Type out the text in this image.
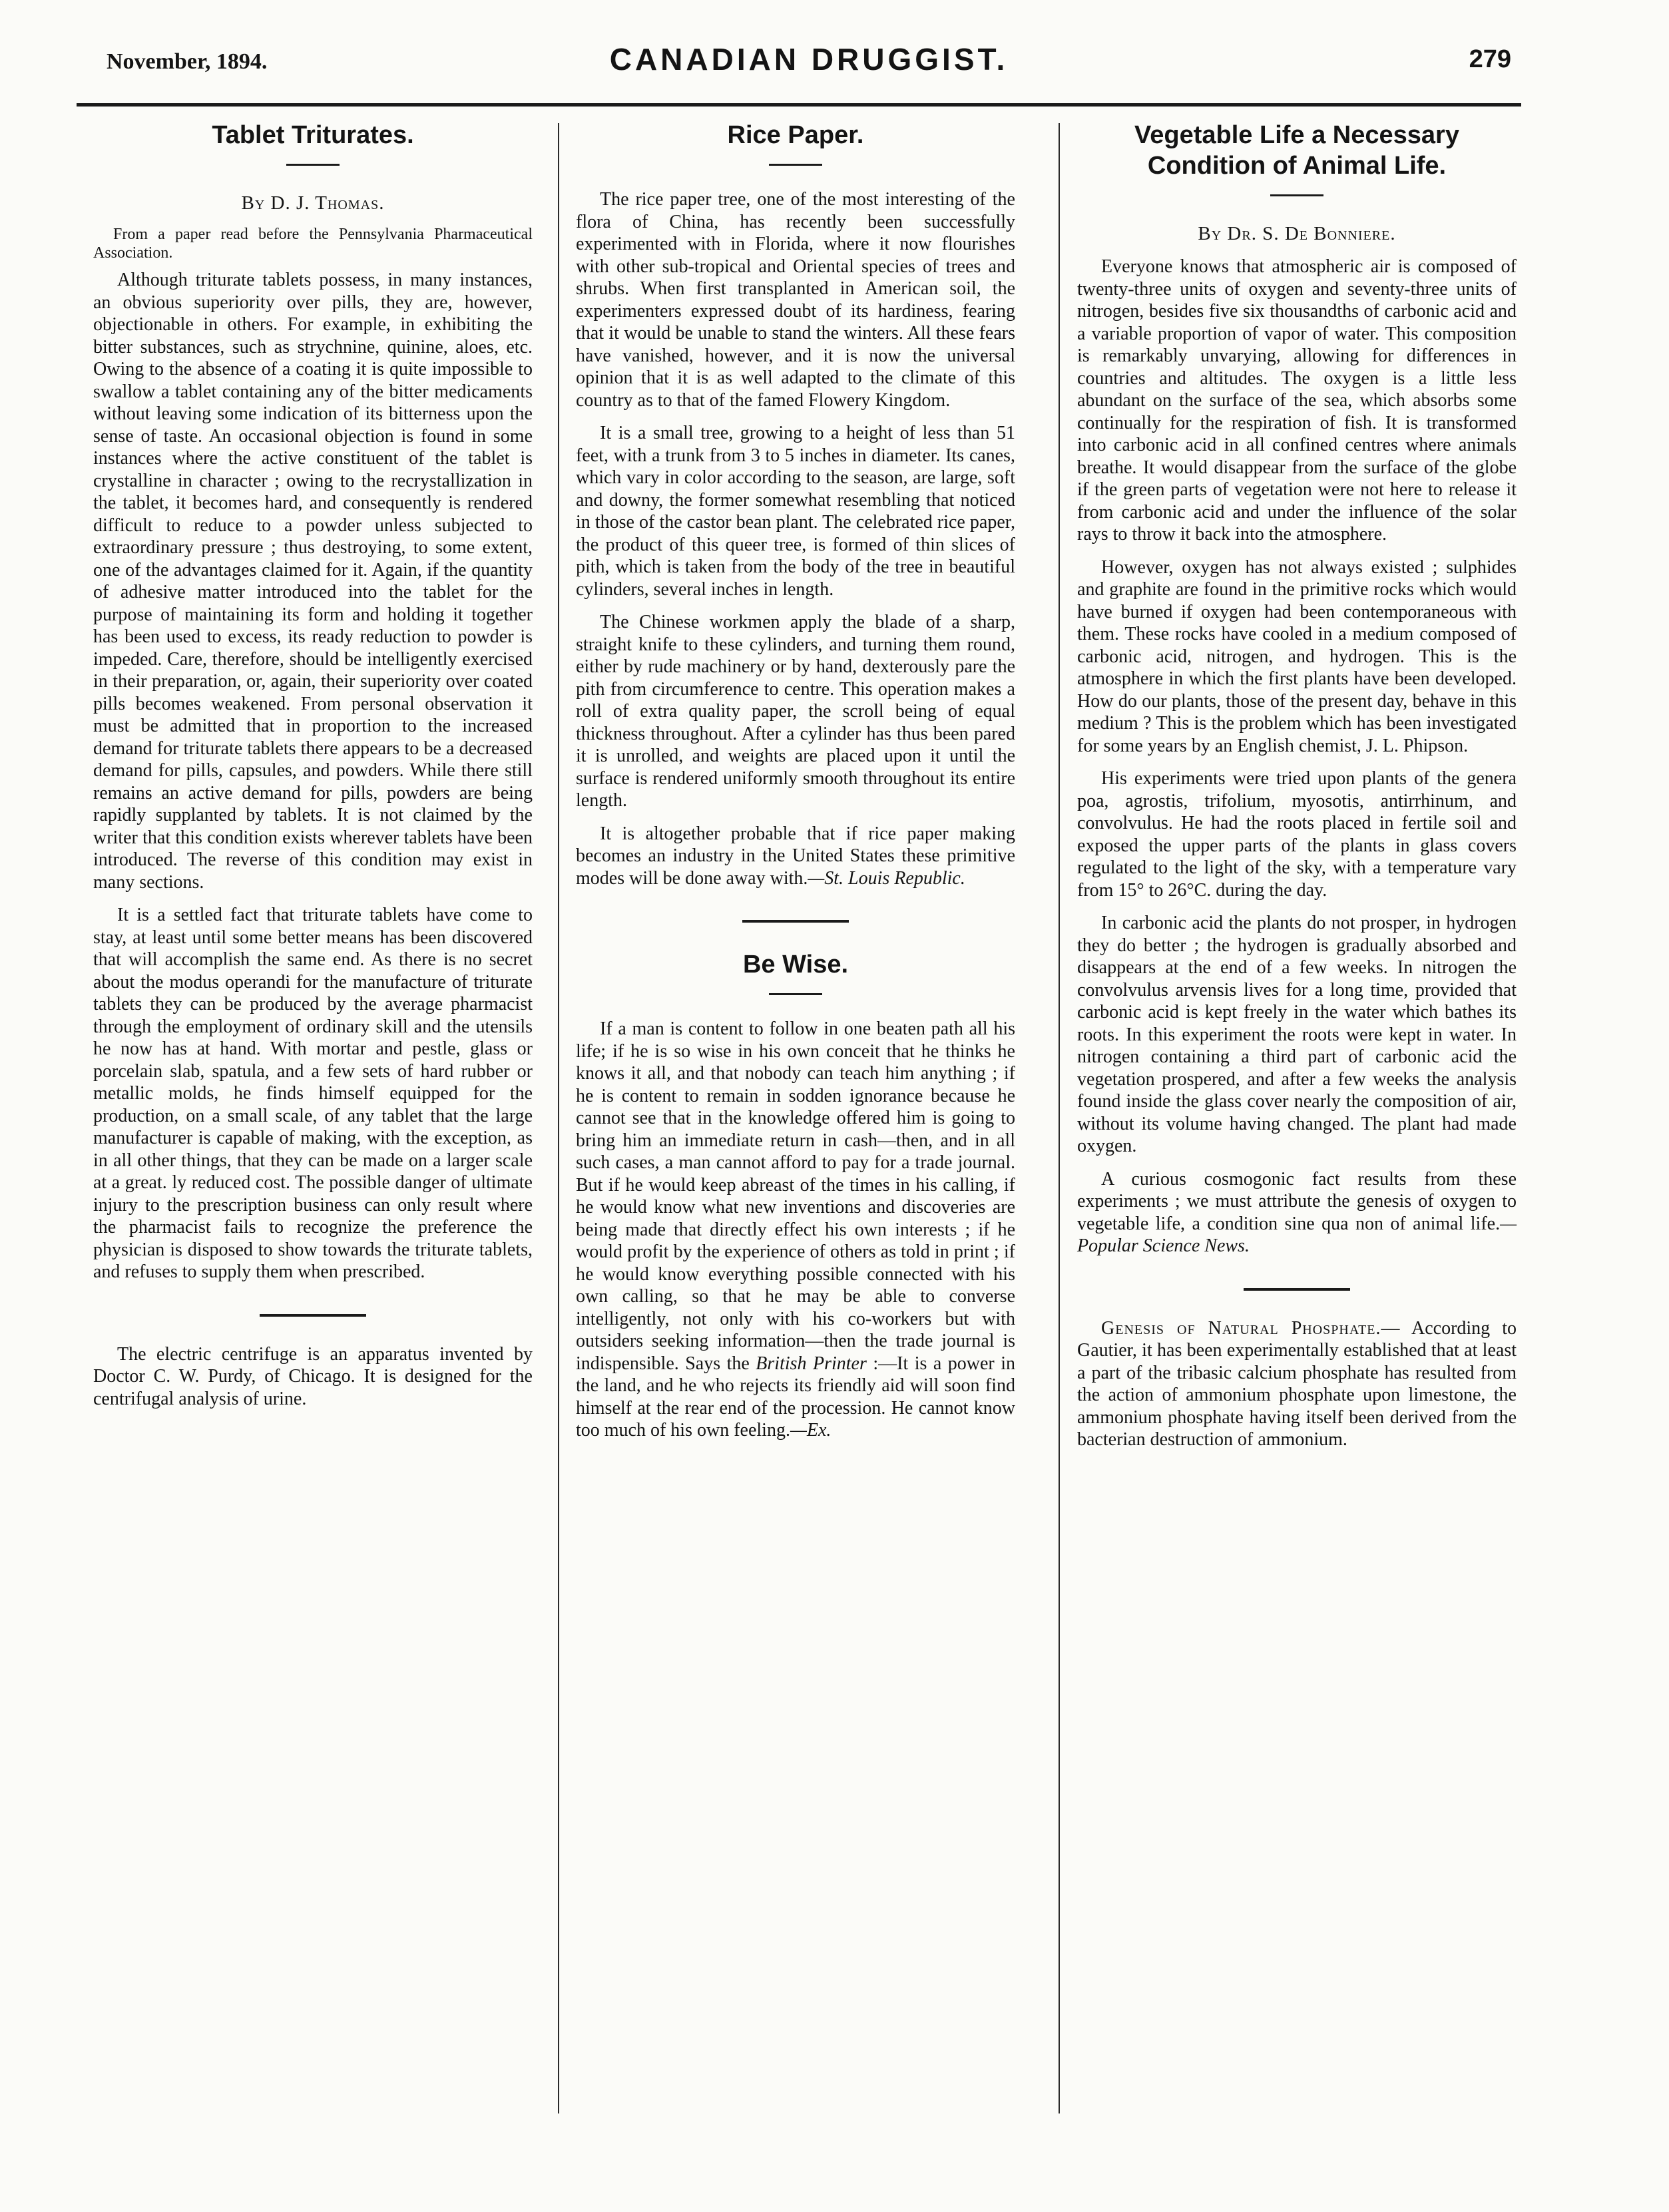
November, 1894.	CANADIAN DRUGGIST.	279
Tablet Triturates.
By D. J. Thomas.
From a paper read before the Pennsylvania Pharmaceutical Association.

Although triturate tablets possess, in many instances, an obvious superiority over pills, they are, however, objectionable in others. For example, in exhibiting the bitter substances, such as strychnine, quinine, aloes, etc. Owing to the absence of a coating it is quite impossible to swallow a tablet containing any of the bitter medicaments without leaving some indication of its bitterness upon the sense of taste. An occasional objection is found in some instances where the active constituent of the tablet is crystalline in character ; owing to the recrystallization in the tablet, it becomes hard, and consequently is rendered difficult to reduce to a powder unless subjected to extraordinary pressure ; thus destroying, to some extent, one of the advantages claimed for it. Again, if the quantity of adhesive matter introduced into the tablet for the purpose of maintaining its form and holding it together has been used to excess, its ready reduction to powder is impeded. Care, therefore, should be intelligently exercised in their preparation, or, again, their superiority over coated pills becomes weakened. From personal observation it must be admitted that in proportion to the increased demand for triturate tablets there appears to be a decreased demand for pills, capsules, and powders. While there still remains an active demand for pills, powders are being rapidly supplanted by tablets. It is not claimed by the writer that this condition exists wherever tablets have been introduced. The reverse of this condition may exist in many sections.

It is a settled fact that triturate tablets have come to stay, at least until some better means has been discovered that will accomplish the same end. As there is no secret about the modus operandi for the manufacture of triturate tablets they can be produced by the average pharmacist through the employment of ordinary skill and the utensils he now has at hand. With mortar and pestle, glass or porcelain slab, spatula, and a few sets of hard rubber or metallic molds, he finds himself equipped for the production, on a small scale, of any tablet that the large manufacturer is capable of making, with the exception, as in all other things, that they can be made on a larger scale at a great. ly reduced cost. The possible danger of ultimate injury to the prescription business can only result where the pharmacist fails to recognize the preference the physician is disposed to show towards the triturate tablets, and refuses to supply them when prescribed.

The electric centrifuge is an apparatus invented by Doctor C. W. Purdy, of Chicago. It is designed for the centrifugal analysis of urine.

Rice Paper.

The rice paper tree, one of the most interesting of the flora of China, has recently been successfully experimented with in Florida, where it now flourishes with other sub-tropical and Oriental species of trees and shrubs. When first transplanted in American soil, the experimenters expressed doubt of its hardiness, fearing that it would be unable to stand the winters. All these fears have vanished, however, and it is now the universal opinion that it is as well adapted to the climate of this country as to that of the famed Flowery Kingdom.

It is a small tree, growing to a height of less than 51 feet, with a trunk from 3 to 5 inches in diameter. Its canes, which vary in color according to the season, are large, soft and downy, the former somewhat resembling that noticed in those of the castor bean plant. The celebrated rice paper, the product of this queer tree, is formed of thin slices of pith, which is taken from the body of the tree in beautiful cylinders, several inches in length.

The Chinese workmen apply the blade of a sharp, straight knife to these cylinders, and turning them round, either by rude machinery or by hand, dexterously pare the pith from circumference to centre. This operation makes a roll of extra quality paper, the scroll being of equal thickness throughout. After a cylinder has thus been pared it is unrolled, and weights are placed upon it until the surface is rendered uniformly smooth throughout its entire length.

It is altogether probable that if rice paper making becomes an industry in the United States these primitive modes will be done away with.—St. Louis Republic.

Be Wise.

If a man is content to follow in one beaten path all his life; if he is so wise in his own conceit that he thinks he knows it all, and that nobody can teach him anything ; if he is content to remain in sodden ignorance because he cannot see that in the knowledge offered him is going to bring him an immediate return in cash—then, and in all such cases, a man cannot afford to pay for a trade journal. But if he would keep abreast of the times in his calling, if he would know what new inventions and discoveries are being made that directly effect his own interests ; if he would profit by the experience of others as told in print ; if he would know everything possible connected with his own calling, so that he may be able to converse intelligently, not only with his co-workers but with outsiders seeking information—then the trade journal is indispensible. Says the British Printer :—It is a power in the land, and he who rejects its friendly aid will soon find himself at the rear end of the procession. He cannot know too much of his own feeling.—Ex.

Vegetable Life a Necessary Condition of Animal Life.
By Dr. S. De Bonniere.

Everyone knows that atmospheric air is composed of twenty-three units of oxygen and seventy-three units of nitrogen, besides five six thousandths of carbonic acid and a variable proportion of vapor of water. This composition is remarkably unvarying, allowing for differences in countries and altitudes. The oxygen is a little less abundant on the surface of the sea, which absorbs some continually for the respiration of fish. It is transformed into carbonic acid in all confined centres where animals breathe. It would disappear from the surface of the globe if the green parts of vegetation were not here to release it from carbonic acid and under the influence of the solar rays to throw it back into the atmosphere.

However, oxygen has not always existed ; sulphides and graphite are found in the primitive rocks which would have burned if oxygen had been contemporaneous with them. These rocks have cooled in a medium composed of carbonic acid, nitrogen, and hydrogen. This is the atmosphere in which the first plants have been developed. How do our plants, those of the present day, behave in this medium ? This is the problem which has been investigated for some years by an English chemist, J. L. Phipson.

His experiments were tried upon plants of the genera poa, agrostis, trifolium, myosotis, antirrhinum, and convolvulus. He had the roots placed in fertile soil and exposed the upper parts of the plants in glass covers regulated to the light of the sky, with a temperature vary from 15° to 26°C. during the day.

In carbonic acid the plants do not prosper, in hydrogen they do better ; the hydrogen is gradually absorbed and disappears at the end of a few weeks. In nitrogen the convolvulus arvensis lives for a long time, provided that carbonic acid is kept freely in the water which bathes its roots. In this experiment the roots were kept in water. In nitrogen containing a third part of carbonic acid the vegetation prospered, and after a few weeks the analysis found inside the glass cover nearly the composition of air, without its volume having changed. The plant had made oxygen.

A curious cosmogonic fact results from these experiments ; we must attribute the genesis of oxygen to vegetable life, a condition sine qua non of animal life.—Popular Science News.

Genesis of Natural Phosphate.— According to Gautier, it has been experimentally established that at least a part of the tribasic calcium phosphate has resulted from the action of ammonium phosphate upon limestone, the ammonium phosphate having itself been derived from the bacterian destruction of ammonium.
